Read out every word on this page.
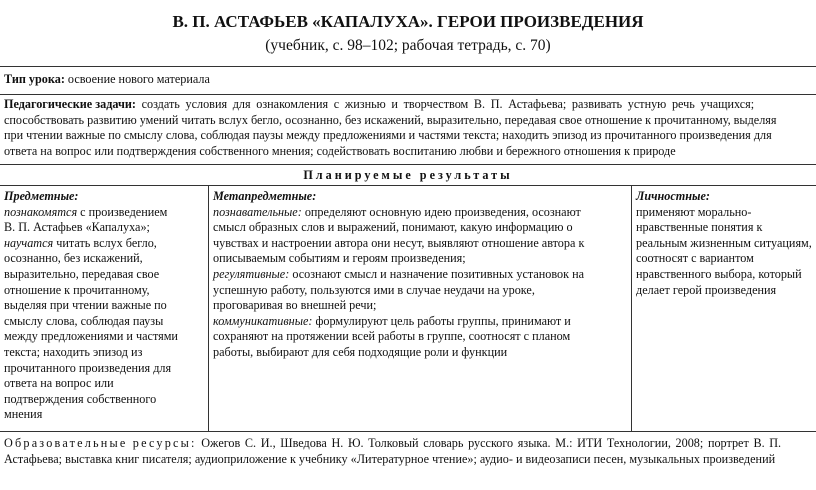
В. П. АСТАФЬЕВ «КАПАЛУХА». ГЕРОИ ПРОИЗВЕДЕНИЯ
(учебник, с. 98–102; рабочая тетрадь, с. 70)
Тип урока: освоение нового материала
Педагогические задачи: создать условия для ознакомления с жизнью и творчеством В. П. Астафьева; развивать устную речь учащихся;
способствовать развитию умений читать вслух бегло, осознанно, без искажений, выразительно, передавая свое отношение к прочитанному, выделяя
при чтении важные по смыслу слова, соблюдая паузы между предложениями и частями текста; находить эпизод из прочитанного произведения для
ответа на вопрос или подтверждения собственного мнения; содействовать воспитанию любви и бережного отношения к природе
Планируемые результаты
Предметные:
познакомятся с произведением
В. П. Астафьев «Капалуха»;
научатся читать вслух бегло,
осознанно, без искажений,
выразительно, передавая свое
отношение к прочитанному,
выделяя при чтении важные по
смыслу слова, соблюдая паузы
между предложениями и частями
текста; находить эпизод из
прочитанного произведения для
ответа на вопрос или
подтверждения собственного
мнения
Метапредметные:
познавательные: определяют основную идею произведения, осознают
смысл образных слов и выражений, понимают, какую информацию о
чувствах и настроении автора они несут, выявляют отношение автора к
описываемым событиям и героям произведения;
регулятивные: осознают смысл и назначение позитивных установок на
успешную работу, пользуются ими в случае неудачи на уроке,
проговаривая во внешней речи;
коммуникативные: формулируют цель работы группы, принимают и
сохраняют на протяжении всей работы в группе, соотносят с планом
работы, выбирают для себя подходящие роли и функции
Личностные:
применяют морально-
нравственные понятия к
реальным жизненным ситуациям,
соотносят с вариантом
нравственного выбора, который
делает герой произведения
Образовательные ресурсы: Ожегов С. И., Шведова Н. Ю. Толковый словарь русского языка. М.: ИТИ Технологии, 2008; портрет В. П.
Астафьева; выставка книг писателя; аудиоприложение к учебнику «Литературное чтение»; аудио- и видеозаписи песен, музыкальных произведений
